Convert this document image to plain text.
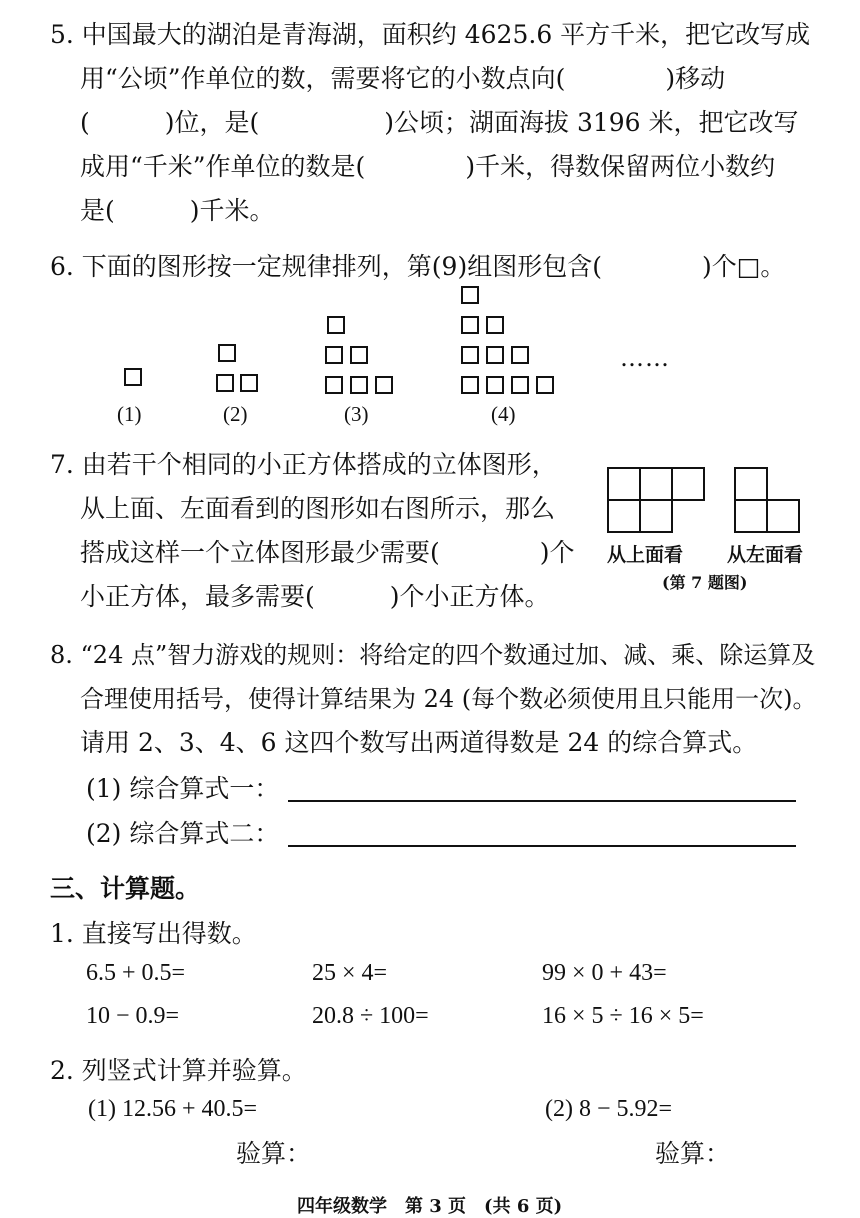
5. 中国最大的湖泊是青海湖，面积约 4625.6 平方千米，把它改写成
用“公顷”作单位的数，需要将它的小数点向(　　　　)移动
(　　　)位，是(　　　　　)公顷；湖面海拔 3196 米，把它改写
成用“千米”作单位的数是(　　　　)千米，得数保留两位小数约
是(　　　)千米。
6. 下面的图形按一定规律排列，第(9)组图形包含(　　　　)个□。
……
(1)	(2)	(3)	(4)
7. 由若干个相同的小正方体搭成的立体图形，
从上面、左面看到的图形如右图所示，那么
搭成这样一个立体图形最少需要(　　　　)个
小正方体，最多需要(　　　)个小正方体。
从上面看 从左面看
(第 7 题图)
8. “24 点”智力游戏的规则：将给定的四个数通过加、减、乘、除运算及
合理使用括号，使得计算结果为 24 (每个数必须使用且只能用一次)。
请用 2、3、4、6 这四个数写出两道得数是 24 的综合算式。
(1) 综合算式一：
(2) 综合算式二：
三、计算题。
1. 直接写出得数。
6.5 + 0.5=	25 × 4=	99 × 0 + 43=
10 − 0.9=	20.8 ÷ 100=	16 × 5 ÷ 16 × 5=
2. 列竖式计算并验算。
(1) 12.56 + 40.5=	(2) 8 − 5.92=
验算：	验算：
四年级数学　第 3 页　(共 6 页)
